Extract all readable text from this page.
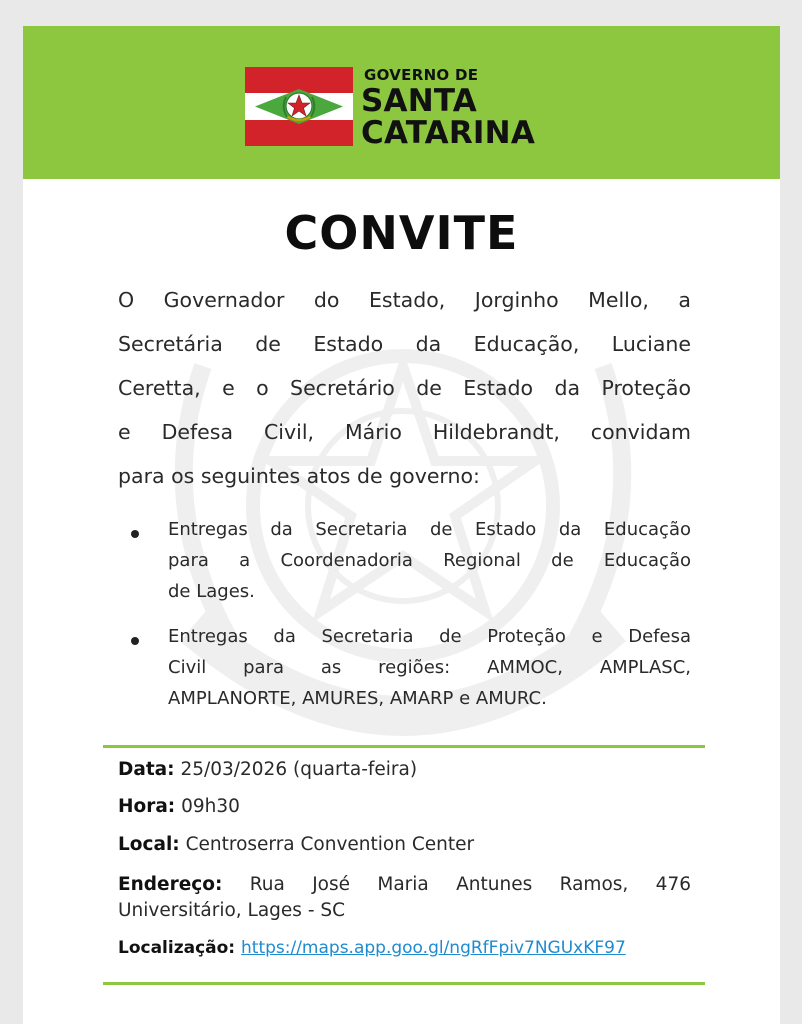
GOVERNO DE
SANTA
CATARINA
CONVITE

O Governador do Estado, Jorginho Mello, a

Secretária de Estado da Educação, Luciane

Ceretta, e o Secretário de Estado da Proteção

e Defesa Civil, Mário Hildebrandt, convidam

para os seguintes atos de governo:

Entregas da Secretaria de Estado da Educação

para a Coordenadoria Regional de Educação

de Lages.

Entregas da Secretaria de Proteção e Defesa

Civil para as regiões: AMMOC, AMPLASC,

AMPLANORTE, AMURES, AMARP e AMURC.

Data: 25/03/2026 (quarta-feira)
Hora: 09h30
Local: Centroserra Convention Center
Endereço: Rua José Maria Antunes Ramos, 476
Universitário, Lages - SC
Localização: https://maps.app.goo.gl/ngRfFpiv7NGUxKF97
